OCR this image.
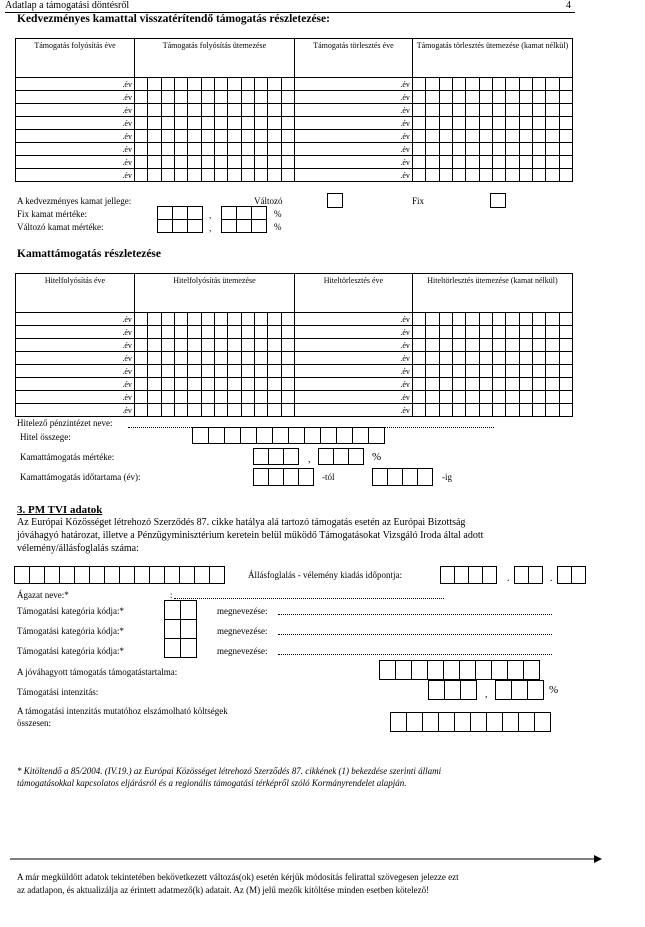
Adatlap a támogatási döntésről	4
Kedvezményes kamattal visszatérítendő támogatás részletezése:
Támogatás folyósítás éve	Támogatás folyósítás ütemezése												Támogatás törlesztés éve	Támogatás törlesztés ütemezése (kamat nélkül)											
.év													.év												
.év													.év												
.év													.év												
.év													.év												
.év													.év												
.év													.év												
.év													.év												
.év													.év												
A kedvezményes kamat jellege:	Változó	Fix
Fix kamat mértéke:	,	%
Változó kamat mértéke:	,	%
Kamattámogatás részletezése
Hitelfolyósítás éve	Hitelfolyósítás ütemezése												Hiteltörlesztés éve	Hiteltörlesztés ütemezése (kamat nélkül)											
.év													.év												
.év													.év												
.év													.év												
.év													.év												
.év													.év												
.év													.év												
.év													.év												
.év													.év												
Hitelező pénzintézet neve:
Hitel összege:
Kamattámogatás mértéke:	,	%
Kamattámogatás időtartama (év):	-tól	-ig
3. PM TVI adatok
Az Európai Közösséget létrehozó Szerződés 87. cikke hatálya alá tartozó támogatás esetén az Európai Bizottság
jóváhagyó határozat, illetve a Pénzügyminisztérium keretein belül működő Támogatásokat Vizsgáló Iroda által adott
vélemény/állásfoglalás száma:
Állásfoglalás - vélemény kiadás időpontja:	.	.
Ágazat neve:*	:
Támogatási kategória kódja:*	megnevezése:
Támogatási kategória kódja:*	megnevezése:
Támogatási kategória kódja:*	megnevezése:
A jóváhagyott támogatás támogatástartalma:
Támogatási intenzitás:	,	%
A támogatási intenzitás mutatóhoz elszámolható költségek
összesen:
* Kitöltendő a 85/2004. (IV.19.) az Európai Közösséget létrehozó Szerződés 87. cikkének (1) bekezdése szerinti állami
támogatásokkal kapcsolatos eljárásról és a regionális támogatási térképről szóló Kormányrendelet alapján.
A már megküldött adatok tekintetében bekövetkezett változás(ok) esetén kérjük módosítás felirattal szövegesen jelezze ezt
az adatlapon, és aktualizálja az érintett adatmező(k) adatait. Az (M) jelű mezők kitöltése minden esetben kötelező!
